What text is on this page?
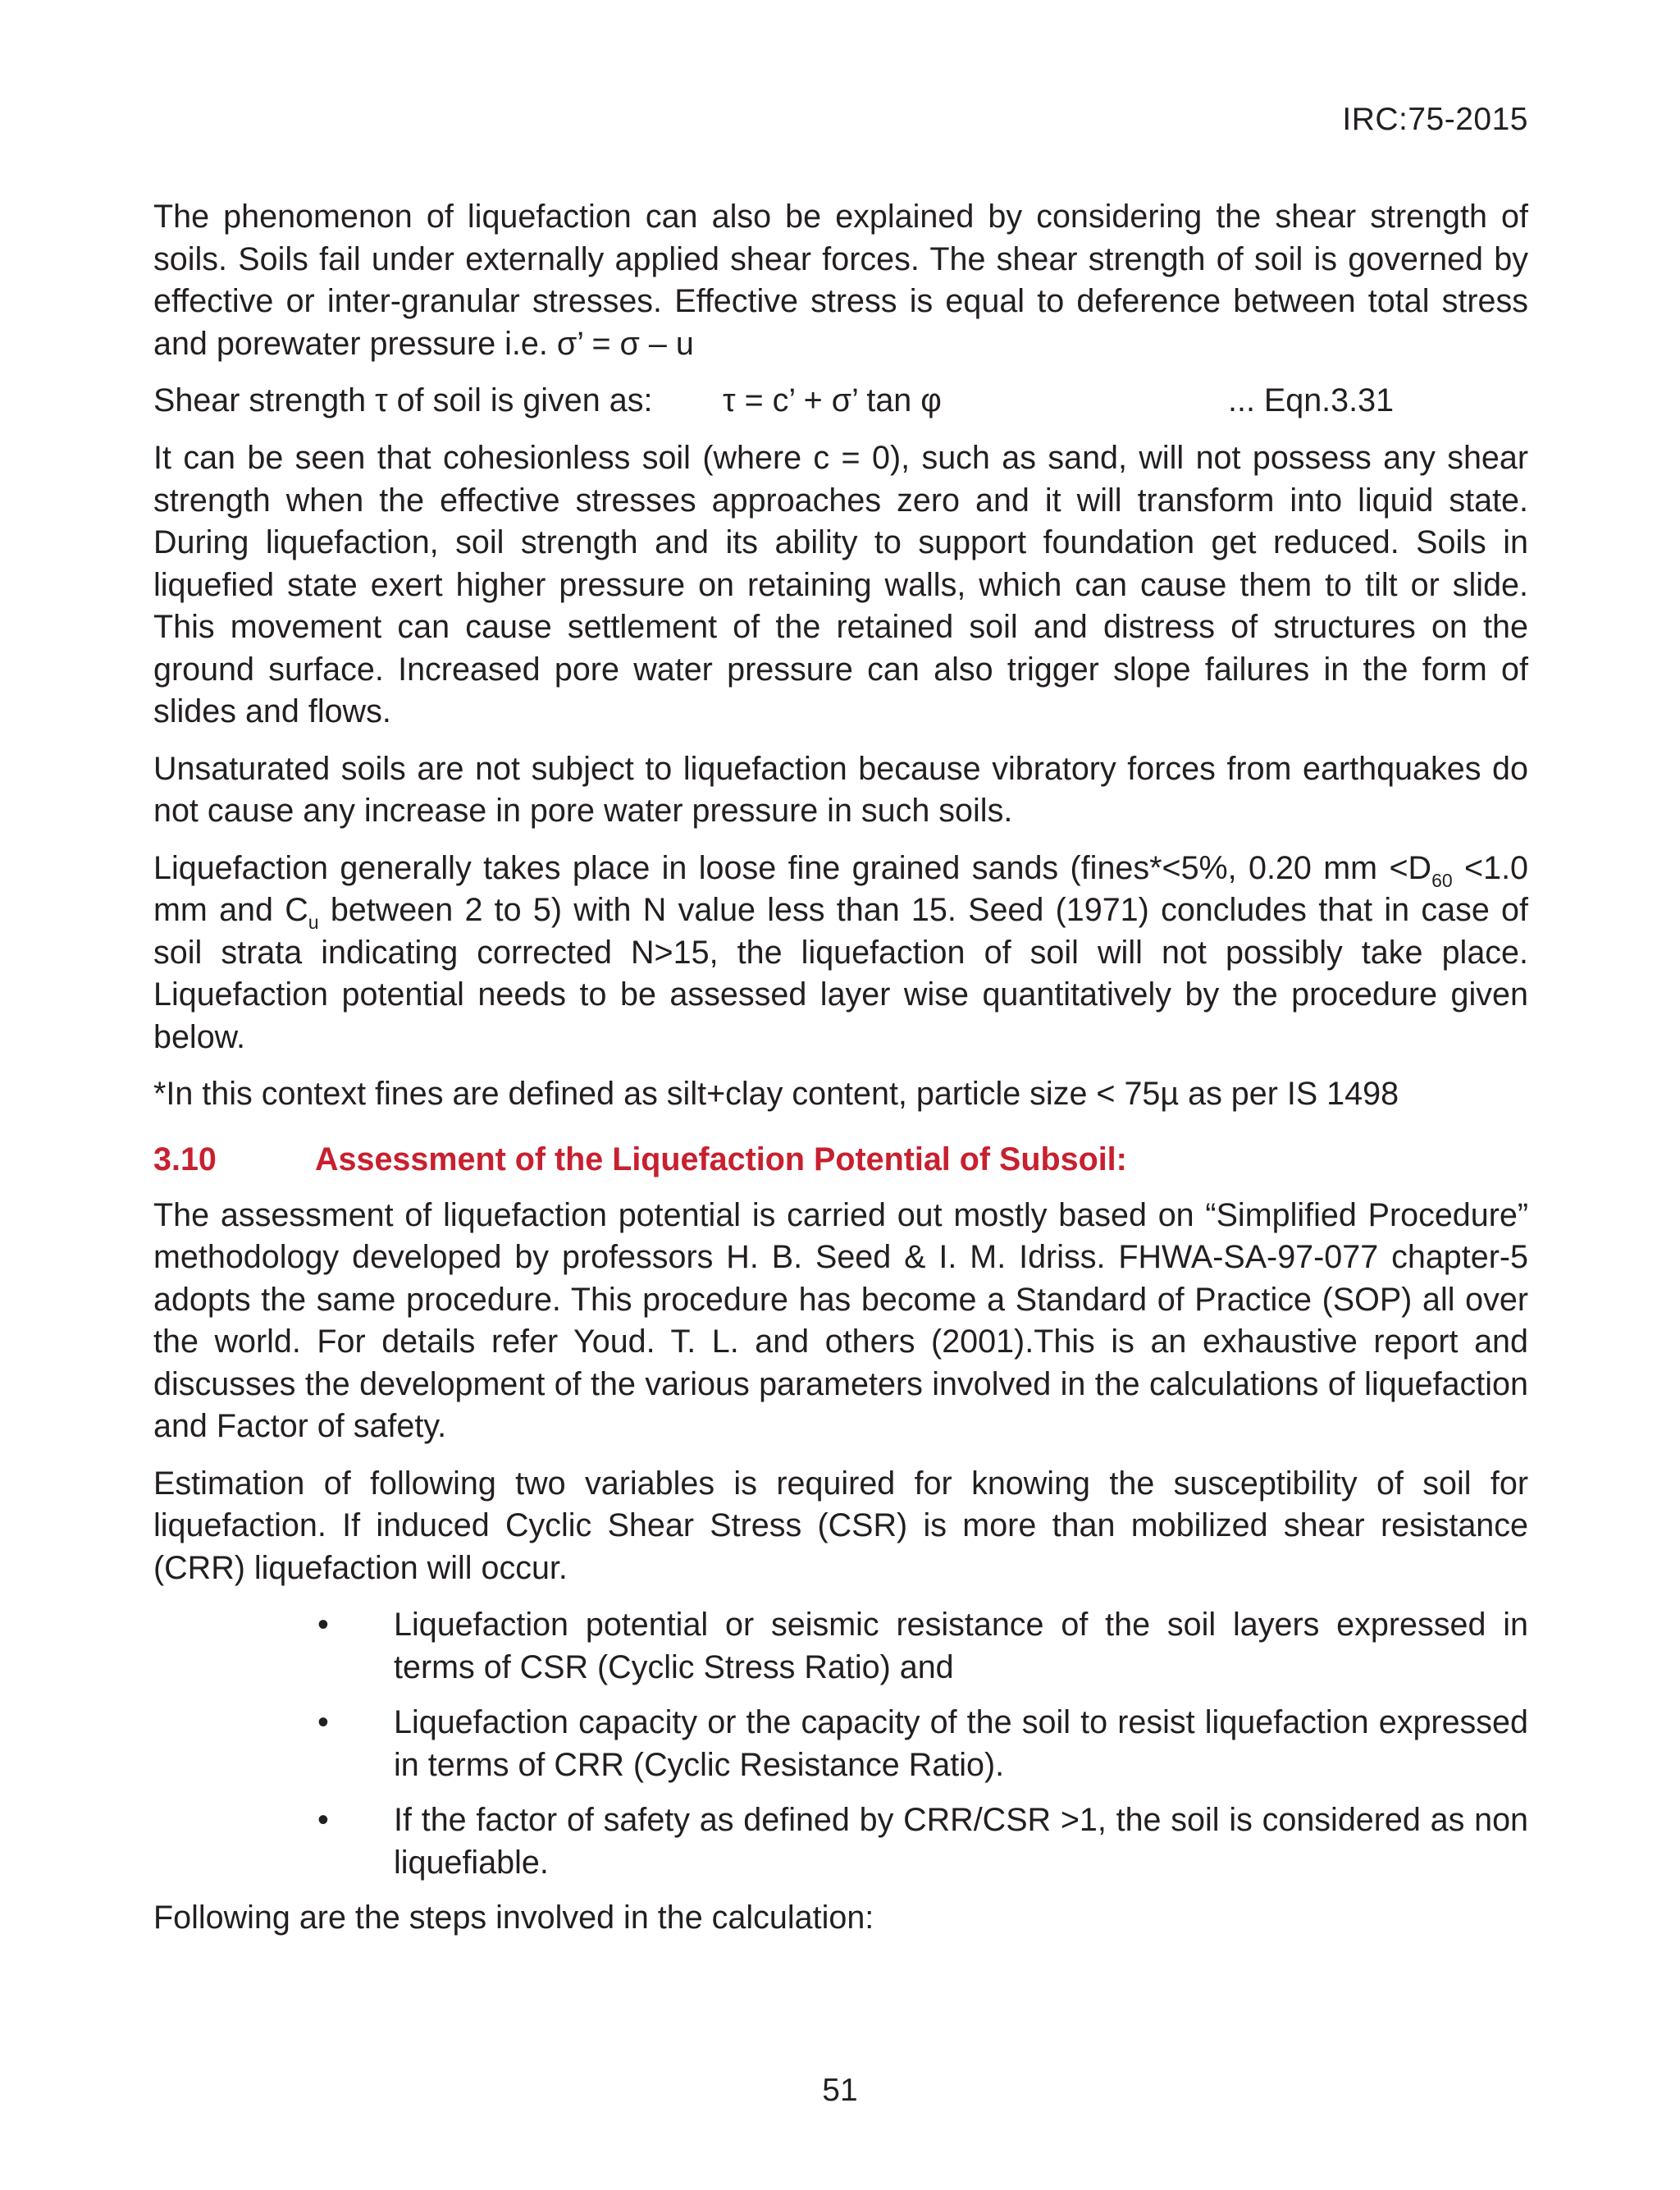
IRC:75-2015

The phenomenon of liquefaction can also be explained by considering the shear strength of soils. Soils fail under externally applied shear forces. The shear strength of soil is governed by effective or inter-granular stresses. Effective stress is equal to deference between total stress and porewater pressure i.e. σ’ = σ – u

Shear strength τ of soil is given as: τ = c’ + σ’ tan φ	... Eqn.3.31

It can be seen that cohesionless soil (where c = 0), such as sand, will not possess any shear strength when the effective stresses approaches zero and it will transform into liquid state. During liquefaction, soil strength and its ability to support foundation get reduced. Soils in liquefied state exert higher pressure on retaining walls, which can cause them to tilt or slide. This movement can cause settlement of the retained soil and distress of structures on the ground surface. Increased pore water pressure can also trigger slope failures in the form of slides and flows.

Unsaturated soils are not subject to liquefaction because vibratory forces from earthquakes do not cause any increase in pore water pressure in such soils.

Liquefaction generally takes place in loose fine grained sands (fines*<5%, 0.20 mm $<D_{60} <1.0$ mm and $C_u$ between 2 to 5) with N value less than 15. Seed (1971) concludes that in case of soil strata indicating corrected N>15, the liquefaction of soil will not possibly take place. Liquefaction potential needs to be assessed layer wise quantitatively by the procedure given below.

*In this context fines are defined as silt+clay content, particle size < 75µ as per IS 1498

3.10	Assessment of the Liquefaction Potential of Subsoil:

The assessment of liquefaction potential is carried out mostly based on “Simplified Procedure” methodology developed by professors H. B. Seed & I. M. Idriss. FHWA-SA-97-077 chapter-5 adopts the same procedure. This procedure has become a Standard of Practice (SOP) all over the world. For details refer Youd. T. L. and others (2001).This is an exhaustive report and discusses the development of the various parameters involved in the calculations of liquefaction and Factor of safety.

Estimation of following two variables is required for knowing the susceptibility of soil for liquefaction. If induced Cyclic Shear Stress (CSR) is more than mobilized shear resistance (CRR) liquefaction will occur.

• Liquefaction potential or seismic resistance of the soil layers expressed in terms of CSR (Cyclic Stress Ratio) and
• Liquefaction capacity or the capacity of the soil to resist liquefaction expressed in terms of CRR (Cyclic Resistance Ratio).
• If the factor of safety as defined by CRR/CSR >1, the soil is considered as non liquefiable.

Following are the steps involved in the calculation:

51
